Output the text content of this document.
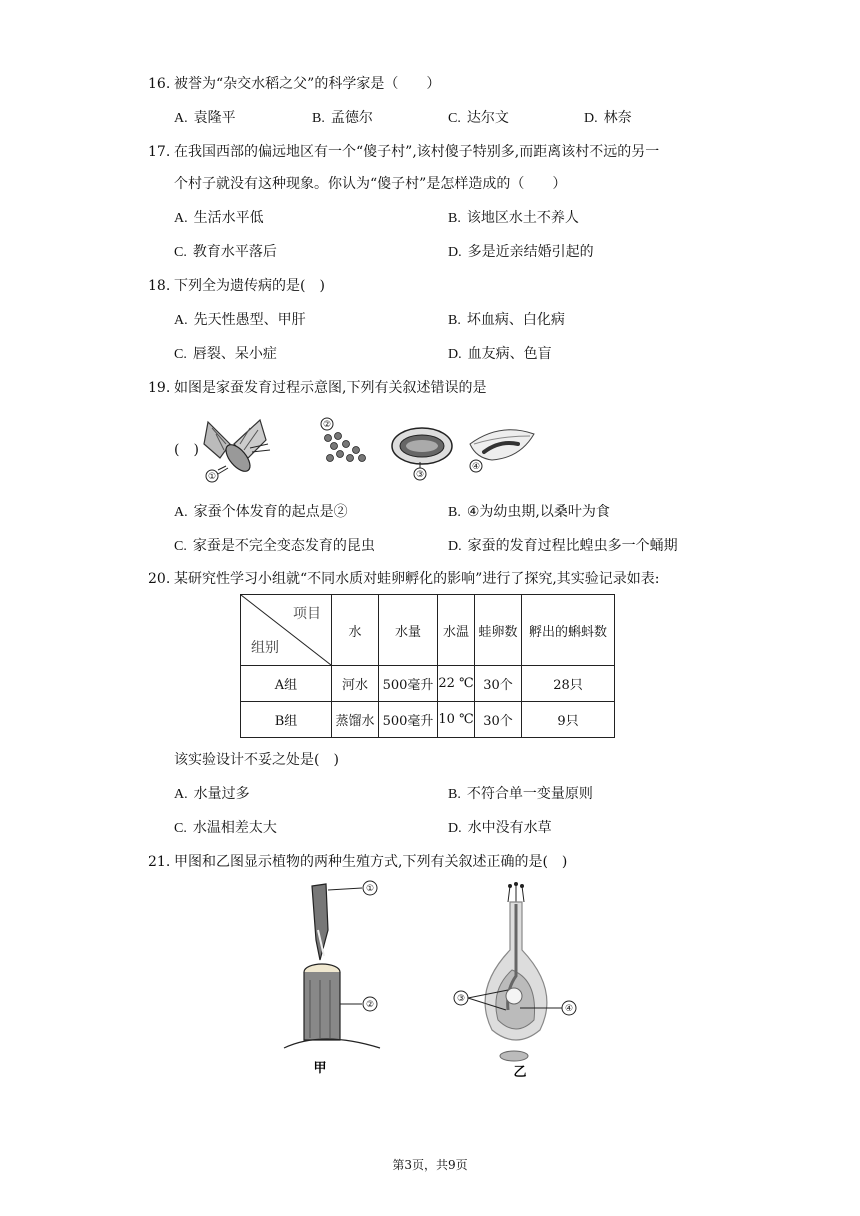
16. 被誉为“杂交水稻之父”的科学家是（　　）
A. 袁隆平	B. 孟德尔	C. 达尔文	D. 林奈
17. 在我国西部的偏远地区有一个“傻子村”,该村傻子特别多,而距离该村不远的另一
个村子就没有这种现象。你认为“傻子村”是怎样造成的（　　）
A. 生活水平低	B. 该地区水土不养人
C. 教育水平落后	D. 多是近亲结婚引起的
18. 下列全为遗传病的是(　)
A. 先天性愚型、甲肝	B. 坏血病、白化病
C. 唇裂、呆小症	D. 血友病、色盲
19. 如图是家蚕发育过程示意图,下列有关叙述错误的是
(　)
①
②
③
④
A. 家蚕个体发育的起点是②	B. ④为幼虫期,以桑叶为食
C. 家蚕是不完全变态发育的昆虫	D. 家蚕的发育过程比蝗虫多一个蛹期
20. 某研究性学习小组就“不同水质对蛙卵孵化的影响”进行了探究,其实验记录如表:
项目
组别	水	水量	水温	蛙卵数	孵出的蝌蚪数
A组	河水	500毫升	22 ℃	30个	28只
B组	蒸馏水	500毫升	10 ℃	30个	9只
该实验设计不妥之处是(　)
A. 水量过多	B. 不符合单一变量原则
C. 水温相差太大	D. 水中没有水草
21. 甲图和乙图显示植物的两种生殖方式,下列有关叙述正确的是(　)
①
②
甲
③
④
乙
第3页，共9页
